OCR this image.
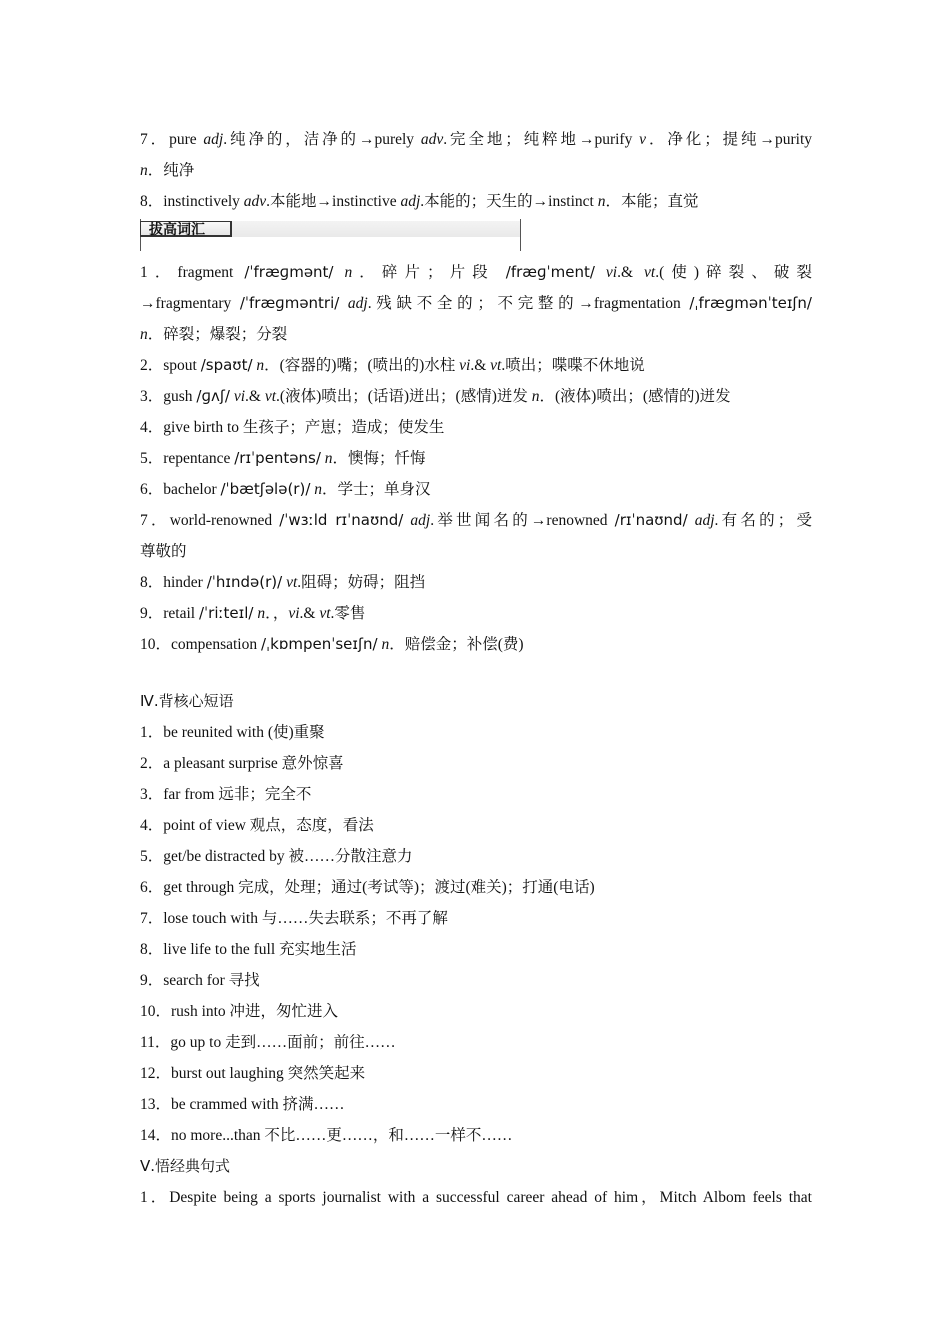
7．pure adj.纯净的，洁净的→purely adv.完全地；纯粹地→purify v．净化；提纯→purity
n．纯净
8．instinctively adv.本能地→instinctive adj.本能的；天生的→instinct n．本能；直觉
拔高词汇
1．fragment /ˈfræɡmənt/ n．碎片；片段 /fræɡˈment/ vi.& vt.(使)碎裂、破裂
→fragmentary /ˈfræɡməntri/ adj.残缺不全的；不完整的→fragmentation /ˌfræɡmənˈteɪʃn/
n．碎裂；爆裂；分裂
2．spout /spaʊt/ n．(容器的)嘴；(喷出的)水柱 vi.& vt.喷出；喋喋不休地说
3．gush /ɡʌʃ/ vi.& vt.(液体)喷出；(话语)迸出；(感情)迸发 n．(液体)喷出；(感情的)迸发
4．give birth to 生孩子；产崽；造成；使发生
5．repentance /rɪˈpentəns/ n．懊悔；忏悔
6．bachelor /ˈbætʃələ(r)/ n．学士；单身汉
7．world-renowned /ˈwɜːld rɪˈnaʊnd/ adj.举世闻名的→renowned /rɪˈnaʊnd/ adj.有名的；受
尊敬的
8．hinder /ˈhɪndə(r)/ vt.阻碍；妨碍；阻挡
9．retail /ˈriːteɪl/ n．，vi.& vt.零售
10．compensation /ˌkɒmpenˈseɪʃn/ n．赔偿金；补偿(费)
Ⅳ.背核心短语
1．be reunited with (使)重聚
2．a pleasant surprise 意外惊喜
3．far from 远非；完全不
4．point of view 观点，态度，看法
5．get/be distracted by 被……分散注意力
6．get through 完成，处理；通过(考试等)；渡过(难关)；打通(电话)
7．lose touch with 与……失去联系；不再了解
8．live life to the full 充实地生活
9．search for 寻找
10．rush into 冲进，匆忙进入
11．go up to 走到……面前；前往……
12．burst out laughing 突然笑起来
13．be crammed with 挤满……
14．no more...than 不比……更……，和……一样不……
Ⅴ.悟经典句式
1．Despite being a sports journalist with a successful career ahead of him，Mitch Albom feels that
